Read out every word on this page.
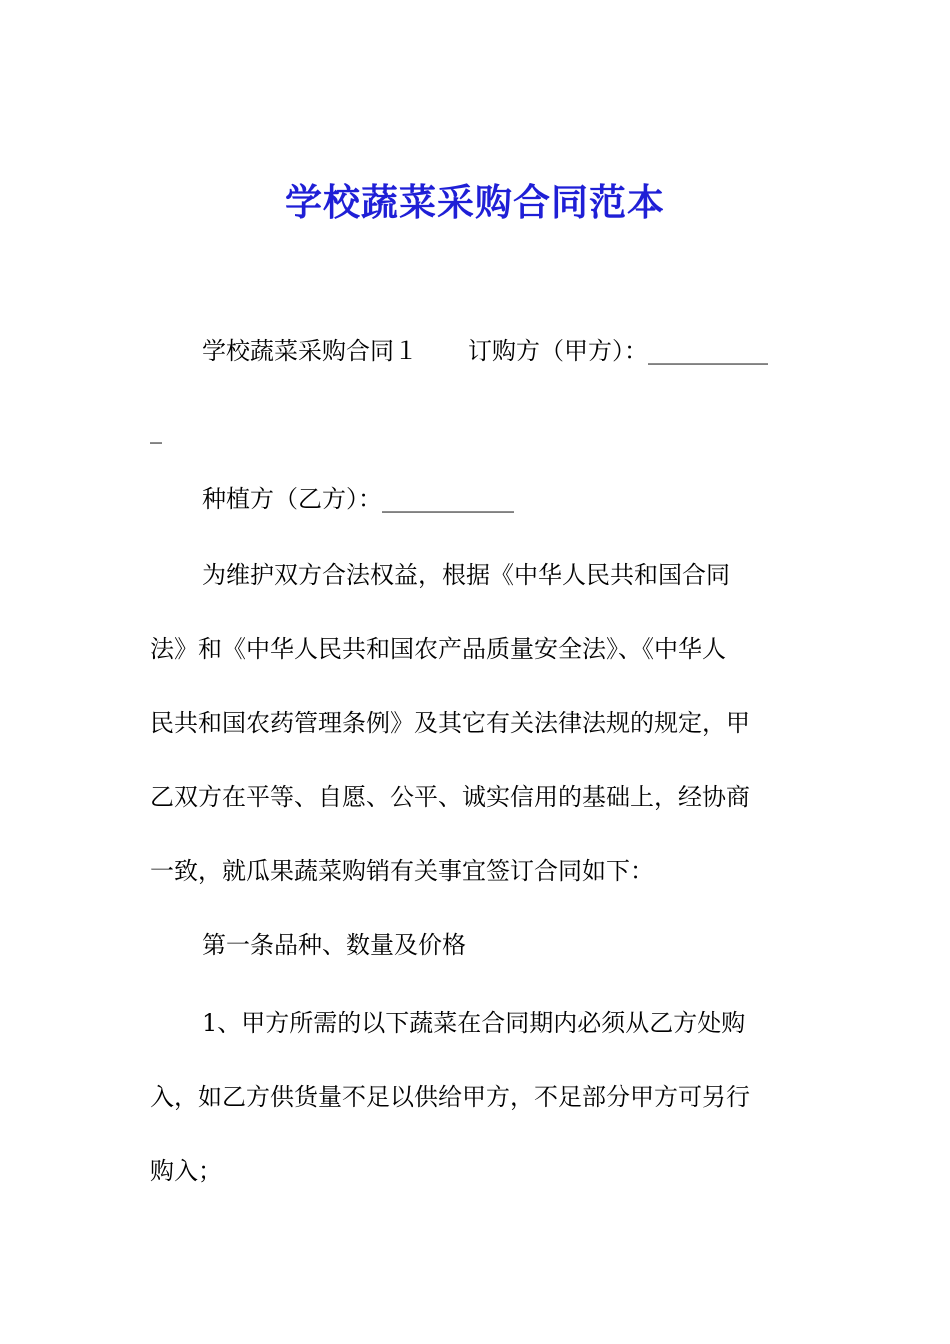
学校蔬菜采购合同范本

学校蔬菜采购合同１ 订购方（甲方）：__________

_

种植方（乙方）：___________

为维护双方合法权益，根据《中华人民共和国合同

法》和《中华人民共和国农产品质量安全法》、《中华人

民共和国农药管理条例》及其它有关法律法规的规定，甲

乙双方在平等、自愿、公平、诚实信用的基础上，经协商

一致，就瓜果蔬菜购销有关事宜签订合同如下：

第一条品种、数量及价格

1、甲方所需的以下蔬菜在合同期内必须从乙方处购

入，如乙方供货量不足以供给甲方，不足部分甲方可另行

购入；
